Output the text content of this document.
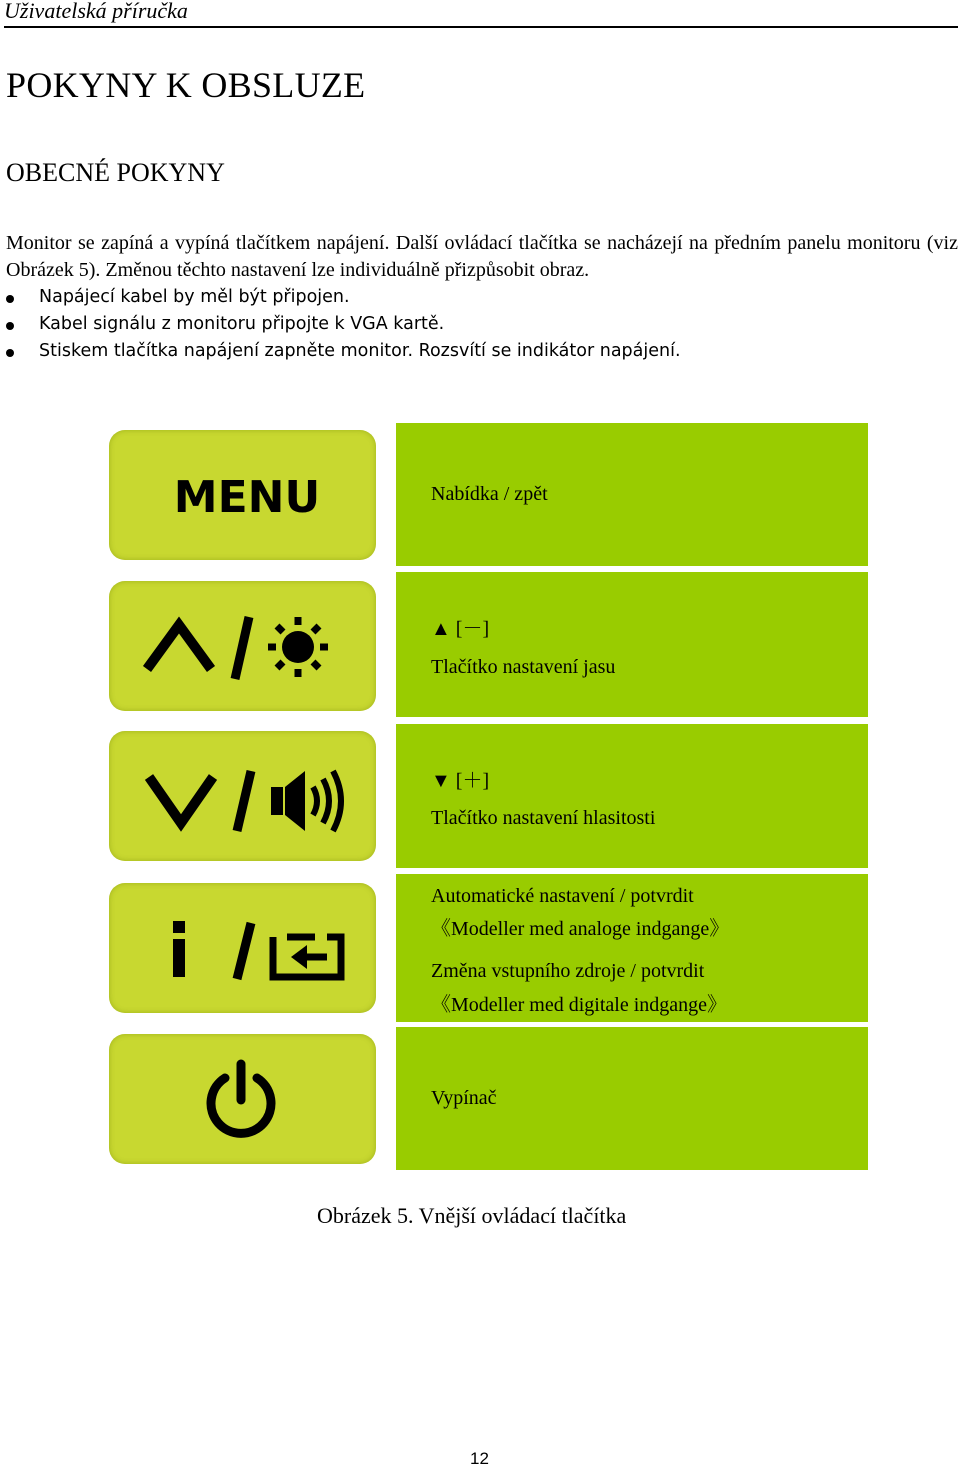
Uživatelská příručka
POKYNY K OBSLUZE
OBECNÉ POKYNY

Monitor se zapíná a vypíná tlačítkem napájení. Další ovládací tlačítka se nacházejí na předním panelu monitoru (viz Obrázek 5). Změnou těchto nastavení lze individuálně přizpůsobit obraz.

Napájecí kabel by měl být připojen.
Kabel signálu z monitoru připojte k VGA kartě.
Stiskem tlačítka napájení zapněte monitor. Rozsvítí se indikátor napájení.
MENU	Nabídka / zpět
▲ [－]
Tlačítko nastavení jasu
▼ [＋]
Tlačítko nastavení hlasitosti
Automatické nastavení / potvrdit
《Modeller med analoge indgange》
Změna vstupního zdroje / potvrdit
《Modeller med digitale indgange》
Vypínač
Obrázek 5. Vnější ovládací tlačítka
12
